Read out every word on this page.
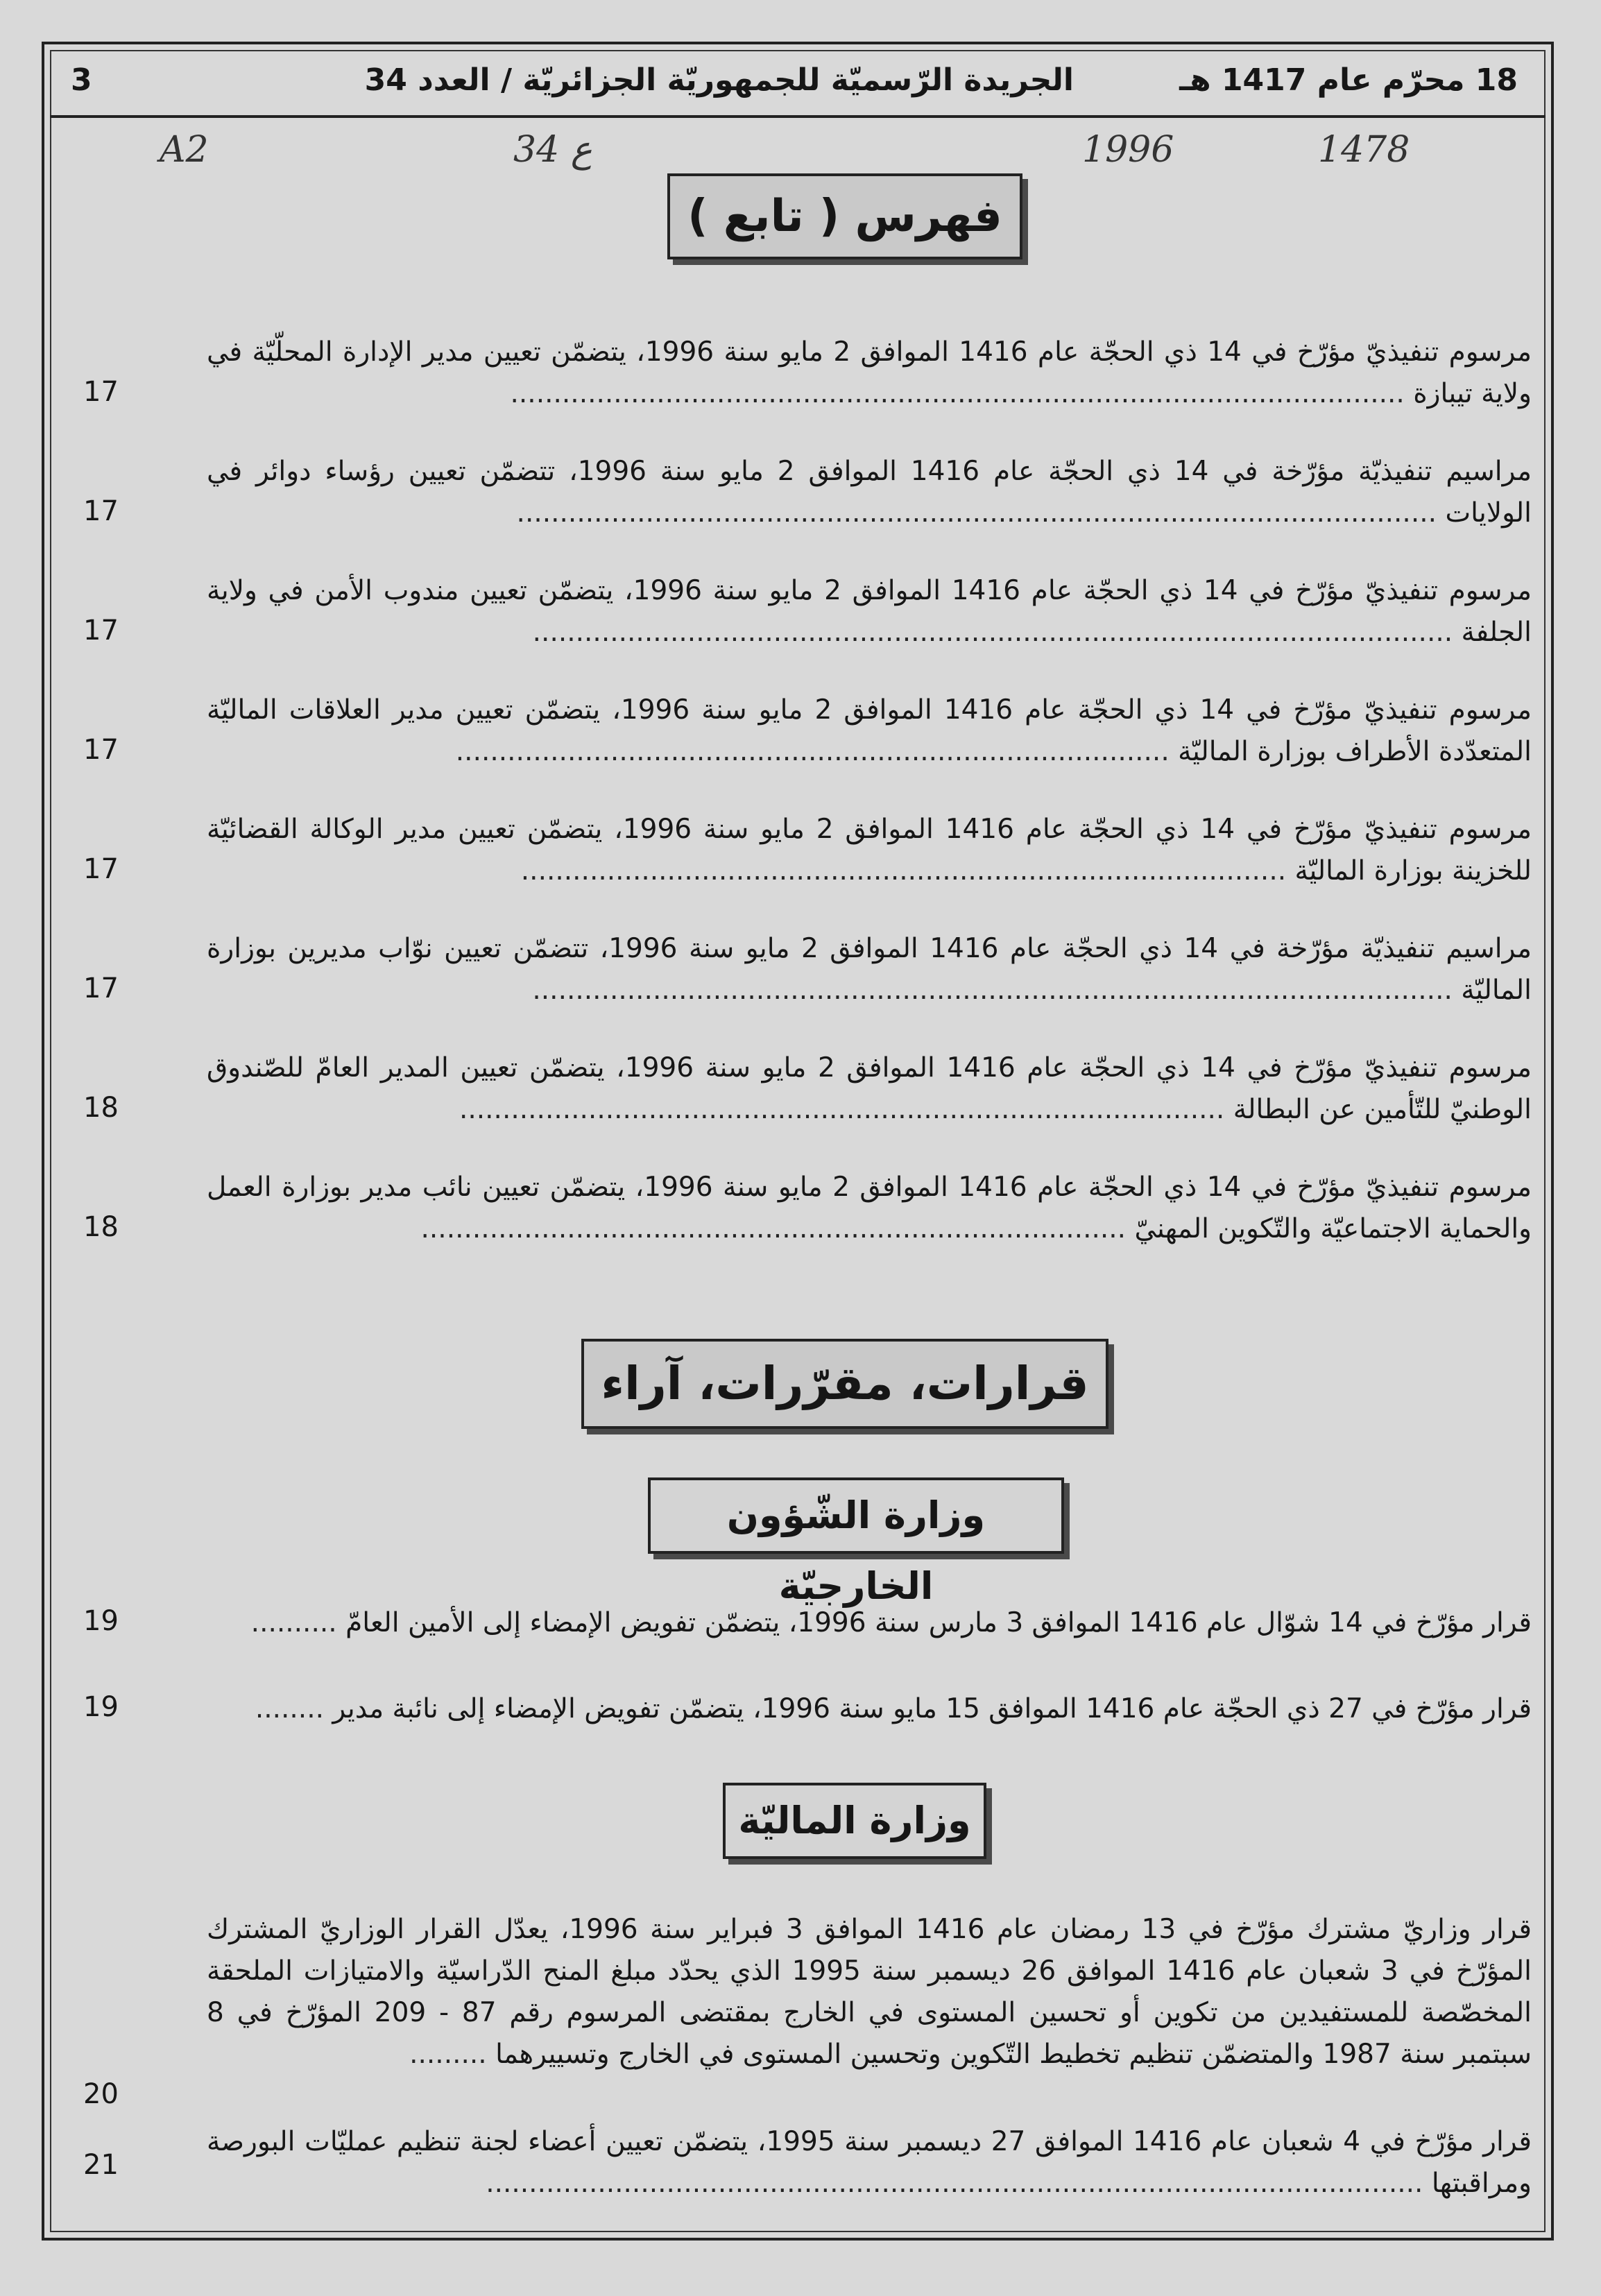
18 محرّم عام 1417 هـ
الجريدة الرّسميّة للجمهوريّة الجزائريّة / العدد 34
3
1478
1996
ع 34
A2
فهرس ( تابع )
مرسوم تنفيذيّ مؤرّخ في 14 ذي الحجّة عام 1416 الموافق 2 مايو سنة 1996، يتضمّن تعيين مدير الإدارة المحلّيّة في ولاية تيبازة ........................................................................................................
17
مراسيم تنفيذيّة مؤرّخة في 14 ذي الحجّة عام 1416 الموافق 2 مايو سنة 1996، تتضمّن تعيين رؤساء دوائر في الولايات ...........................................................................................................
17
مرسوم تنفيذيّ مؤرّخ في 14 ذي الحجّة عام 1416 الموافق 2 مايو سنة 1996، يتضمّن تعيين مندوب الأمن في ولاية الجلفة ...........................................................................................................
17
مرسوم تنفيذيّ مؤرّخ في 14 ذي الحجّة عام 1416 الموافق 2 مايو سنة 1996، يتضمّن تعيين مدير العلاقات الماليّة المتعدّدة الأطراف بوزارة الماليّة ...................................................................................
17
مرسوم تنفيذيّ مؤرّخ في 14 ذي الحجّة عام 1416 الموافق 2 مايو سنة 1996، يتضمّن تعيين مدير الوكالة القضائيّة للخزينة بوزارة الماليّة .........................................................................................
17
مراسيم تنفيذيّة مؤرّخة في 14 ذي الحجّة عام 1416 الموافق 2 مايو سنة 1996، تتضمّن تعيين نوّاب مديرين بوزارة الماليّة ...........................................................................................................
17
مرسوم تنفيذيّ مؤرّخ في 14 ذي الحجّة عام 1416 الموافق 2 مايو سنة 1996، يتضمّن تعيين المدير العامّ للصّندوق الوطنيّ للتّأمين عن البطالة .........................................................................................
18
مرسوم تنفيذيّ مؤرّخ في 14 ذي الحجّة عام 1416 الموافق 2 مايو سنة 1996، يتضمّن تعيين نائب مدير بوزارة العمل والحماية الاجتماعيّة والتّكوين المهنيّ ..................................................................................
18
قرارات، مقرّرات، آراء
وزارة الشّؤون الخارجيّة
قرار مؤرّخ في 14 شوّال عام 1416 الموافق 3 مارس سنة 1996، يتضمّن تفويض الإمضاء إلى الأمين العامّ ..........
19
قرار مؤرّخ في 27 ذي الحجّة عام 1416 الموافق 15 مايو سنة 1996، يتضمّن تفويض الإمضاء إلى نائبة مدير ........
19
وزارة الماليّة
قرار وزاريّ مشترك مؤرّخ في 13 رمضان عام 1416 الموافق 3 فبراير سنة 1996، يعدّل القرار الوزاريّ المشترك المؤرّخ في 3 شعبان عام 1416 الموافق 26 ديسمبر سنة 1995 الذي يحدّد مبلغ المنح الدّراسيّة والامتيازات الملحقة المخصّصة للمستفيدين من تكوين أو تحسين المستوى في الخارج بمقتضى المرسوم رقم 87 - 209 المؤرّخ في 8 سبتمبر سنة 1987 والمتضمّن تنظيم تخطيط التّكوين وتحسين المستوى في الخارج وتسييرهما .........
20
قرار مؤرّخ في 4 شعبان عام 1416 الموافق 27 ديسمبر سنة 1995، يتضمّن تعيين أعضاء لجنة تنظيم عمليّات البورصة ومراقبتها .............................................................................................................
21
